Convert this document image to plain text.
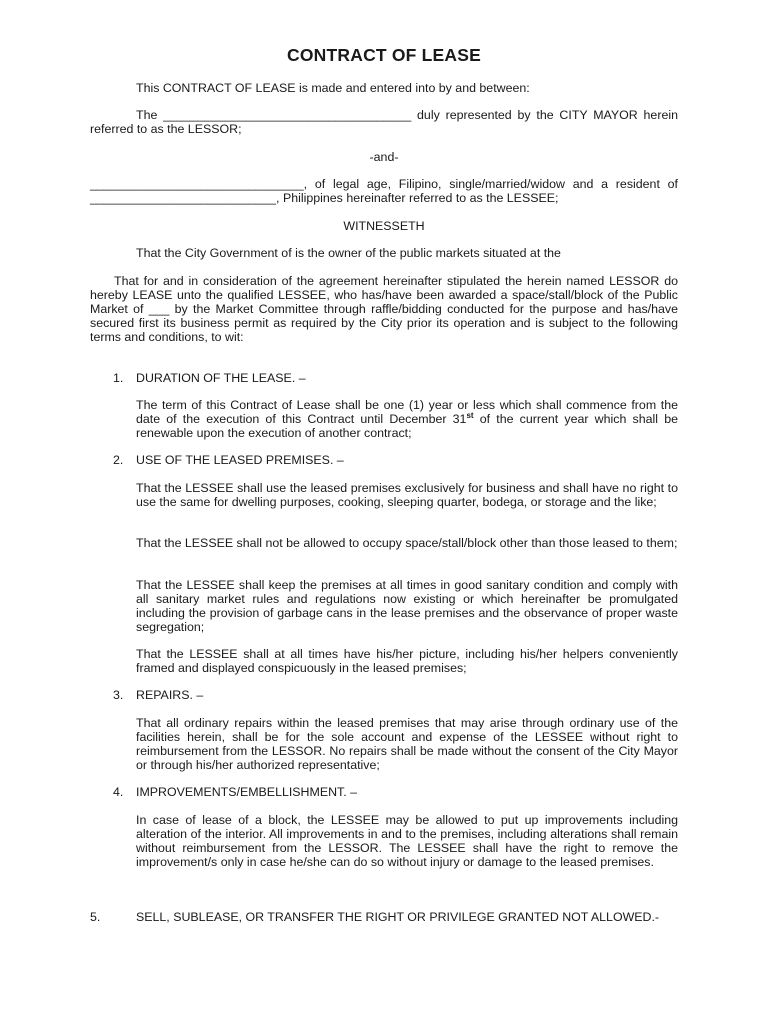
CONTRACT OF LEASE

This CONTRACT OF LEASE is made and entered into by and between:

The ____________________________________ duly represented by the CITY MAYOR herein referred to as the LESSOR;

-and-

_______________________________, of legal age, Filipino, single/married/widow and a resident of ___________________________, Philippines hereinafter referred to as the LESSEE;

WITNESSETH

That the City Government of is the owner of the public markets situated at the

That for and in consideration of the agreement hereinafter stipulated the herein named LESSOR do hereby LEASE unto the qualified LESSEE, who has/have been awarded a space/stall/block of the Public Market of ___ by the Market Committee through raffle/bidding conducted for the purpose and has/have secured first its business permit as required by the City prior its operation and is subject to the following terms and conditions, to wit:

1. DURATION OF THE LEASE. –

The term of this Contract of Lease shall be one (1) year or less which shall commence from the date of the execution of this Contract until December 31st of the current year which shall be renewable upon the execution of another contract;

2. USE OF THE LEASED PREMISES. –

That the LESSEE shall use the leased premises exclusively for business and shall have no right to use the same for dwelling purposes, cooking, sleeping quarter, bodega, or storage and the like;

That the LESSEE shall not be allowed to occupy space/stall/block other than those leased to them;

That the LESSEE shall keep the premises at all times in good sanitary condition and comply with all sanitary market rules and regulations now existing or which hereinafter be promulgated including the provision of garbage cans in the lease premises and the observance of proper waste segregation;

That the LESSEE shall at all times have his/her picture, including his/her helpers conveniently framed and displayed conspicuously in the leased premises;

3. REPAIRS. –

That all ordinary repairs within the leased premises that may arise through ordinary use of the facilities herein, shall be for the sole account and expense of the LESSEE without right to reimbursement from the LESSOR. No repairs shall be made without the consent of the City Mayor or through his/her authorized representative;

4. IMPROVEMENTS/EMBELLISHMENT. –

In case of lease of a block, the LESSEE may be allowed to put up improvements including alteration of the interior. All improvements in and to the premises, including alterations shall remain without reimbursement from the LESSOR. The LESSEE shall have the right to remove the improvement/s only in case he/she can do so without injury or damage to the leased premises.

5.	SELL, SUBLEASE, OR TRANSFER THE RIGHT OR PRIVILEGE GRANTED NOT ALLOWED.-
